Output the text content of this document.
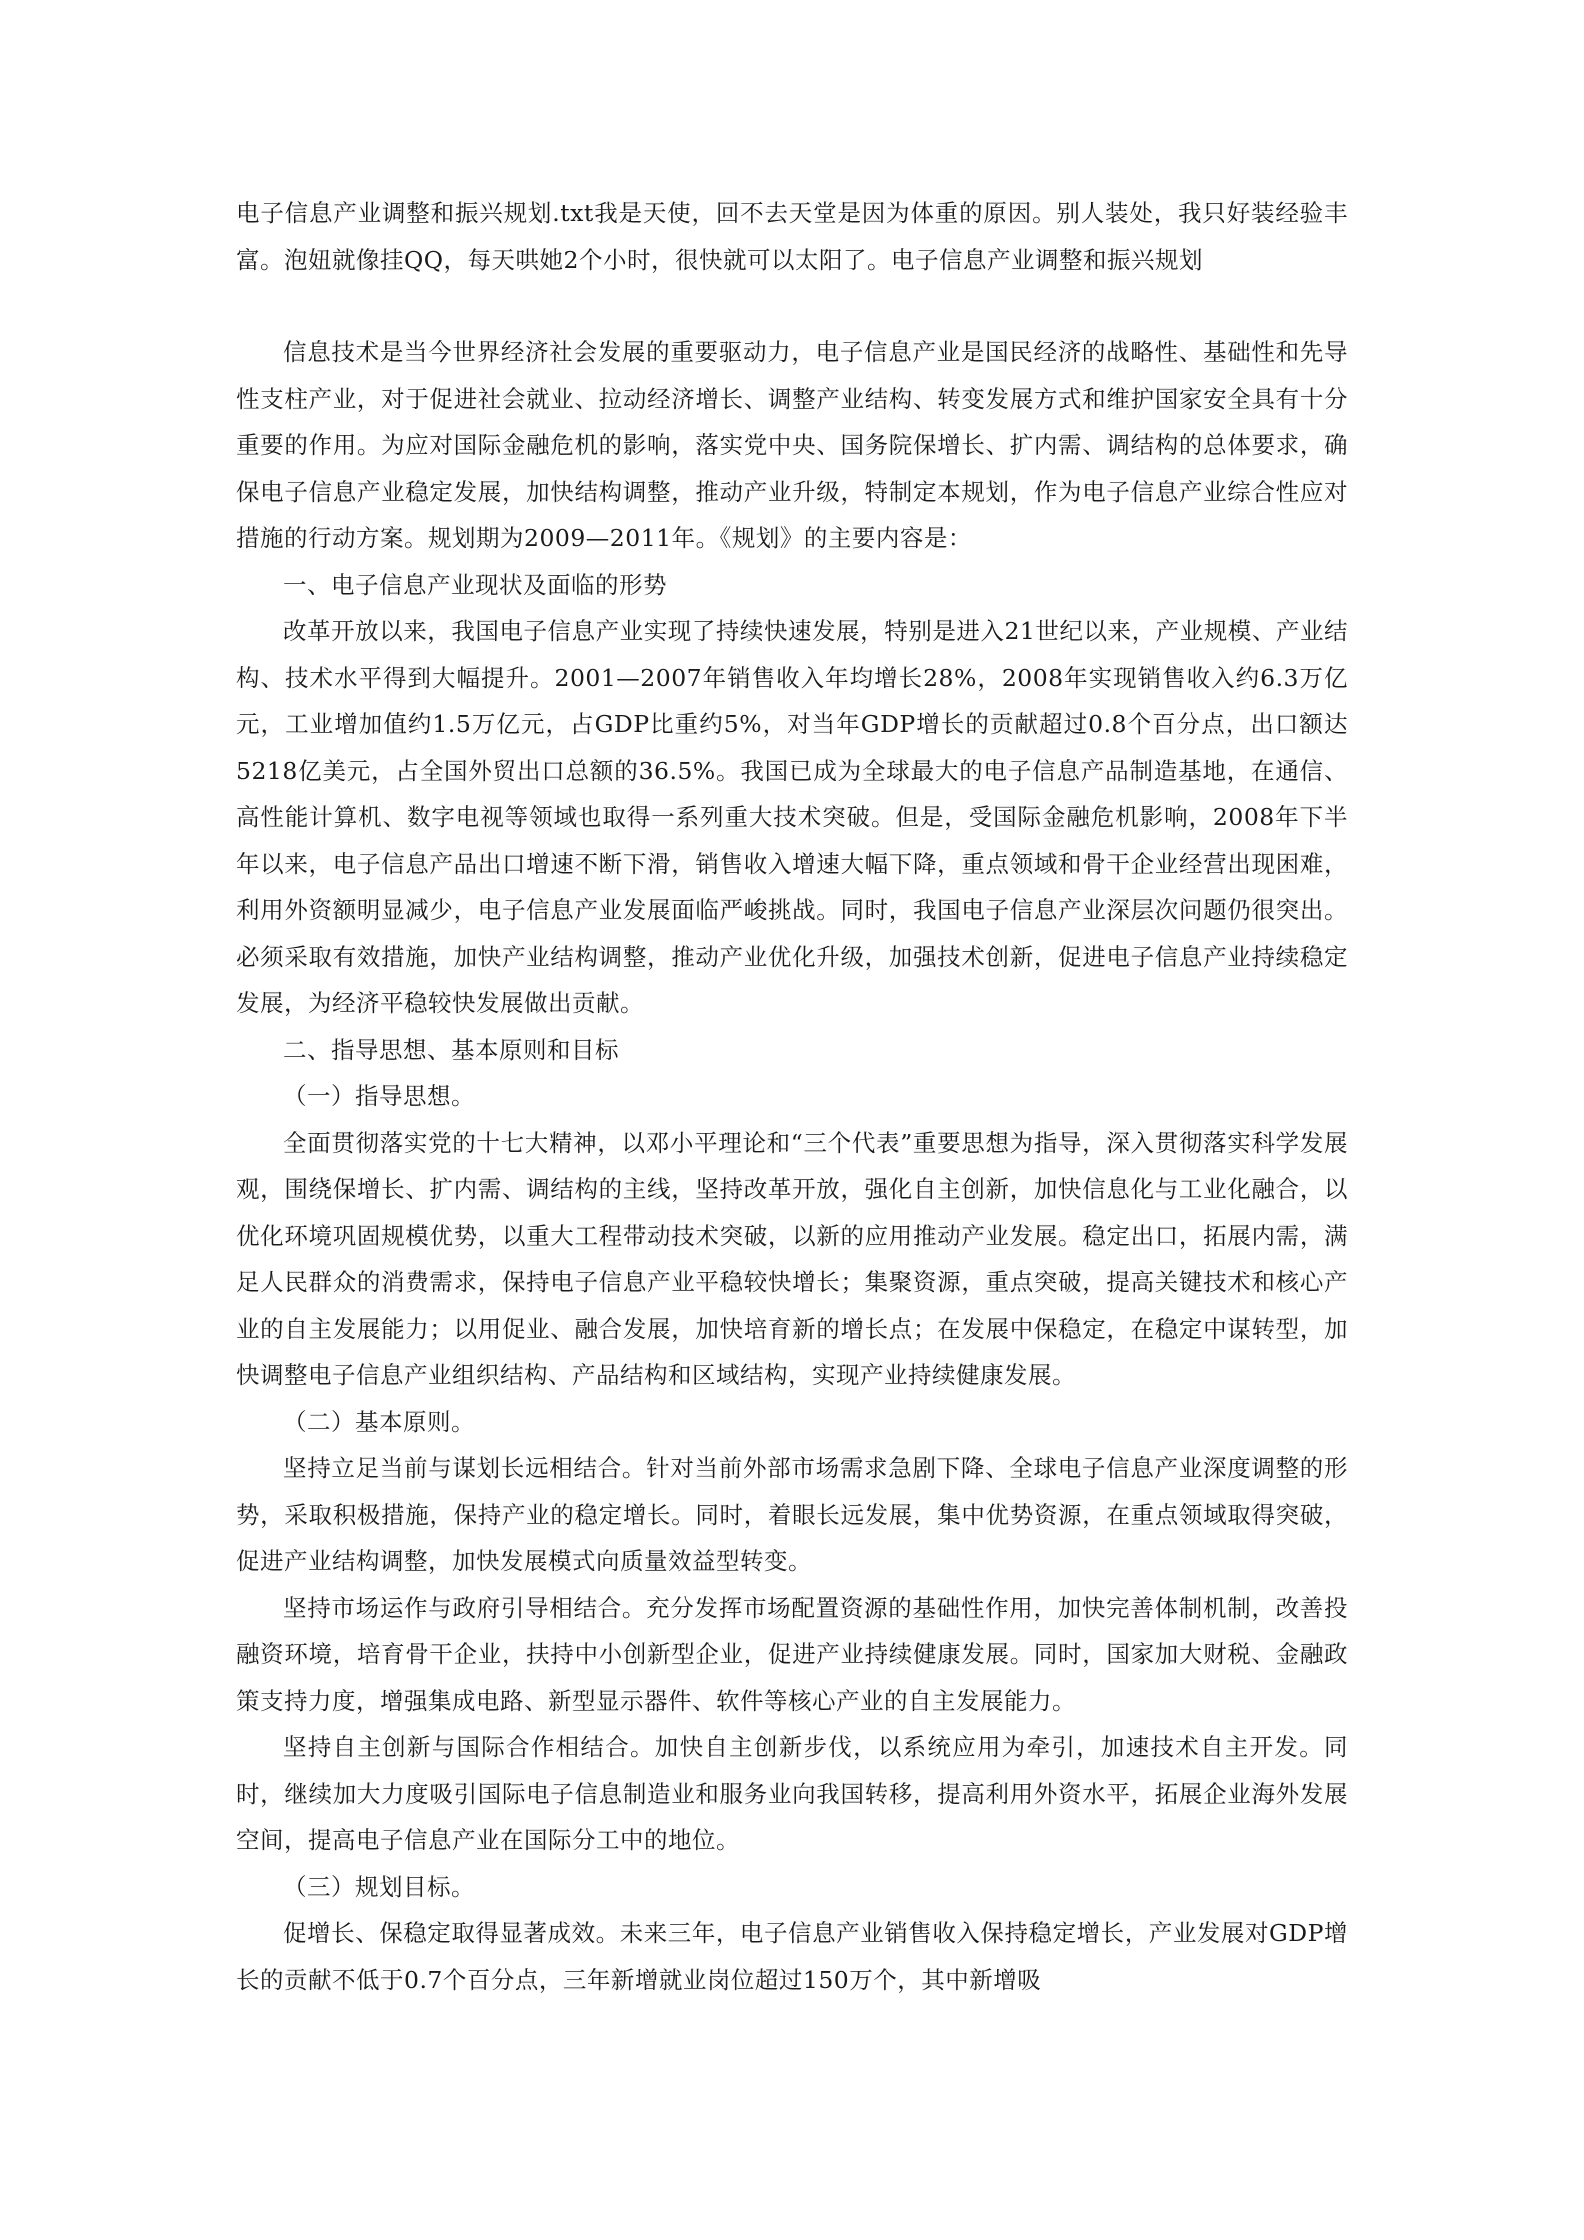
电子信息产业调整和振兴规划.txt我是天使，回不去天堂是因为体重的原因。别人装处，我只好装经验丰富。泡妞就像挂QQ，每天哄她2个小时，很快就可以太阳了。电子信息产业调整和振兴规划

信息技术是当今世界经济社会发展的重要驱动力，电子信息产业是国民经济的战略性、基础性和先导性支柱产业，对于促进社会就业、拉动经济增长、调整产业结构、转变发展方式和维护国家安全具有十分重要的作用。为应对国际金融危机的影响，落实党中央、国务院保增长、扩内需、调结构的总体要求，确保电子信息产业稳定发展，加快结构调整，推动产业升级，特制定本规划，作为电子信息产业综合性应对措施的行动方案。规划期为2009—2011年。《规划》的主要内容是：

一、电子信息产业现状及面临的形势

改革开放以来，我国电子信息产业实现了持续快速发展，特别是进入21世纪以来，产业规模、产业结构、技术水平得到大幅提升。2001—2007年销售收入年均增长28%，2008年实现销售收入约6.3万亿元，工业增加值约1.5万亿元，占GDP比重约5%，对当年GDP增长的贡献超过0.8个百分点，出口额达5218亿美元，占全国外贸出口总额的36.5%。我国已成为全球最大的电子信息产品制造基地，在通信、高性能计算机、数字电视等领域也取得一系列重大技术突破。但是，受国际金融危机影响，2008年下半年以来，电子信息产品出口增速不断下滑，销售收入增速大幅下降，重点领域和骨干企业经营出现困难，利用外资额明显减少，电子信息产业发展面临严峻挑战。同时，我国电子信息产业深层次问题仍很突出。必须采取有效措施，加快产业结构调整，推动产业优化升级，加强技术创新，促进电子信息产业持续稳定发展，为经济平稳较快发展做出贡献。

二、指导思想、基本原则和目标

（一）指导思想。

全面贯彻落实党的十七大精神，以邓小平理论和“三个代表”重要思想为指导，深入贯彻落实科学发展观，围绕保增长、扩内需、调结构的主线，坚持改革开放，强化自主创新，加快信息化与工业化融合，以优化环境巩固规模优势，以重大工程带动技术突破，以新的应用推动产业发展。稳定出口，拓展内需，满足人民群众的消费需求，保持电子信息产业平稳较快增长；集聚资源，重点突破，提高关键技术和核心产业的自主发展能力；以用促业、融合发展，加快培育新的增长点；在发展中保稳定，在稳定中谋转型，加快调整电子信息产业组织结构、产品结构和区域结构，实现产业持续健康发展。

（二）基本原则。

坚持立足当前与谋划长远相结合。针对当前外部市场需求急剧下降、全球电子信息产业深度调整的形势，采取积极措施，保持产业的稳定增长。同时，着眼长远发展，集中优势资源，在重点领域取得突破，促进产业结构调整，加快发展模式向质量效益型转变。

坚持市场运作与政府引导相结合。充分发挥市场配置资源的基础性作用，加快完善体制机制，改善投融资环境，培育骨干企业，扶持中小创新型企业，促进产业持续健康发展。同时，国家加大财税、金融政策支持力度，增强集成电路、新型显示器件、软件等核心产业的自主发展能力。

坚持自主创新与国际合作相结合。加快自主创新步伐，以系统应用为牵引，加速技术自主开发。同时，继续加大力度吸引国际电子信息制造业和服务业向我国转移，提高利用外资水平，拓展企业海外发展空间，提高电子信息产业在国际分工中的地位。

（三）规划目标。

促增长、保稳定取得显著成效。未来三年，电子信息产业销售收入保持稳定增长，产业发展对GDP增长的贡献不低于0.7个百分点，三年新增就业岗位超过150万个，其中新增吸
